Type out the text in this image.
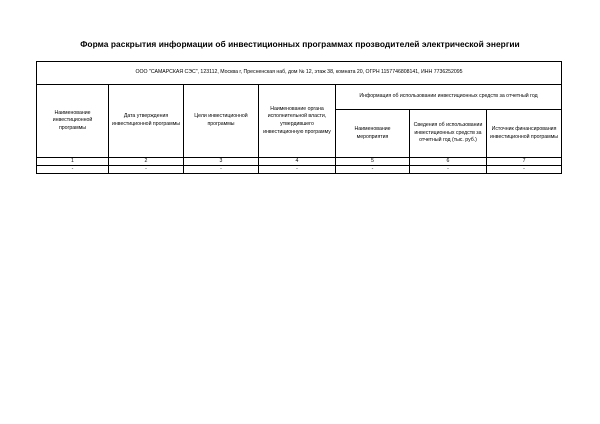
Форма раскрытия информации об инвестиционных программах прозводителей электрической энергии
ООО "САМАРСКАЯ СЭС", 123112, Москва г, Пресненская наб, дом № 12, этаж 38, комната 20, ОГРН 1157746808141, ИНН 7736252095						
Наименование инвестиционной программы	Дата утверждения инвестиционной программы	Цели инвестиционной программы	Наименование органа исполнительной власти, утвердившего инвестиционную программу	Информация об использовании инвестиционных средств за отчетный год		
				Наименование мероприятия	Сведения об использовании инвестиционных средств за отчетный год (тыс. руб.)	Источник финансирования инвестиционной программы
1	2	3	4	5	6	7
-	-	-	-	-	-	-
